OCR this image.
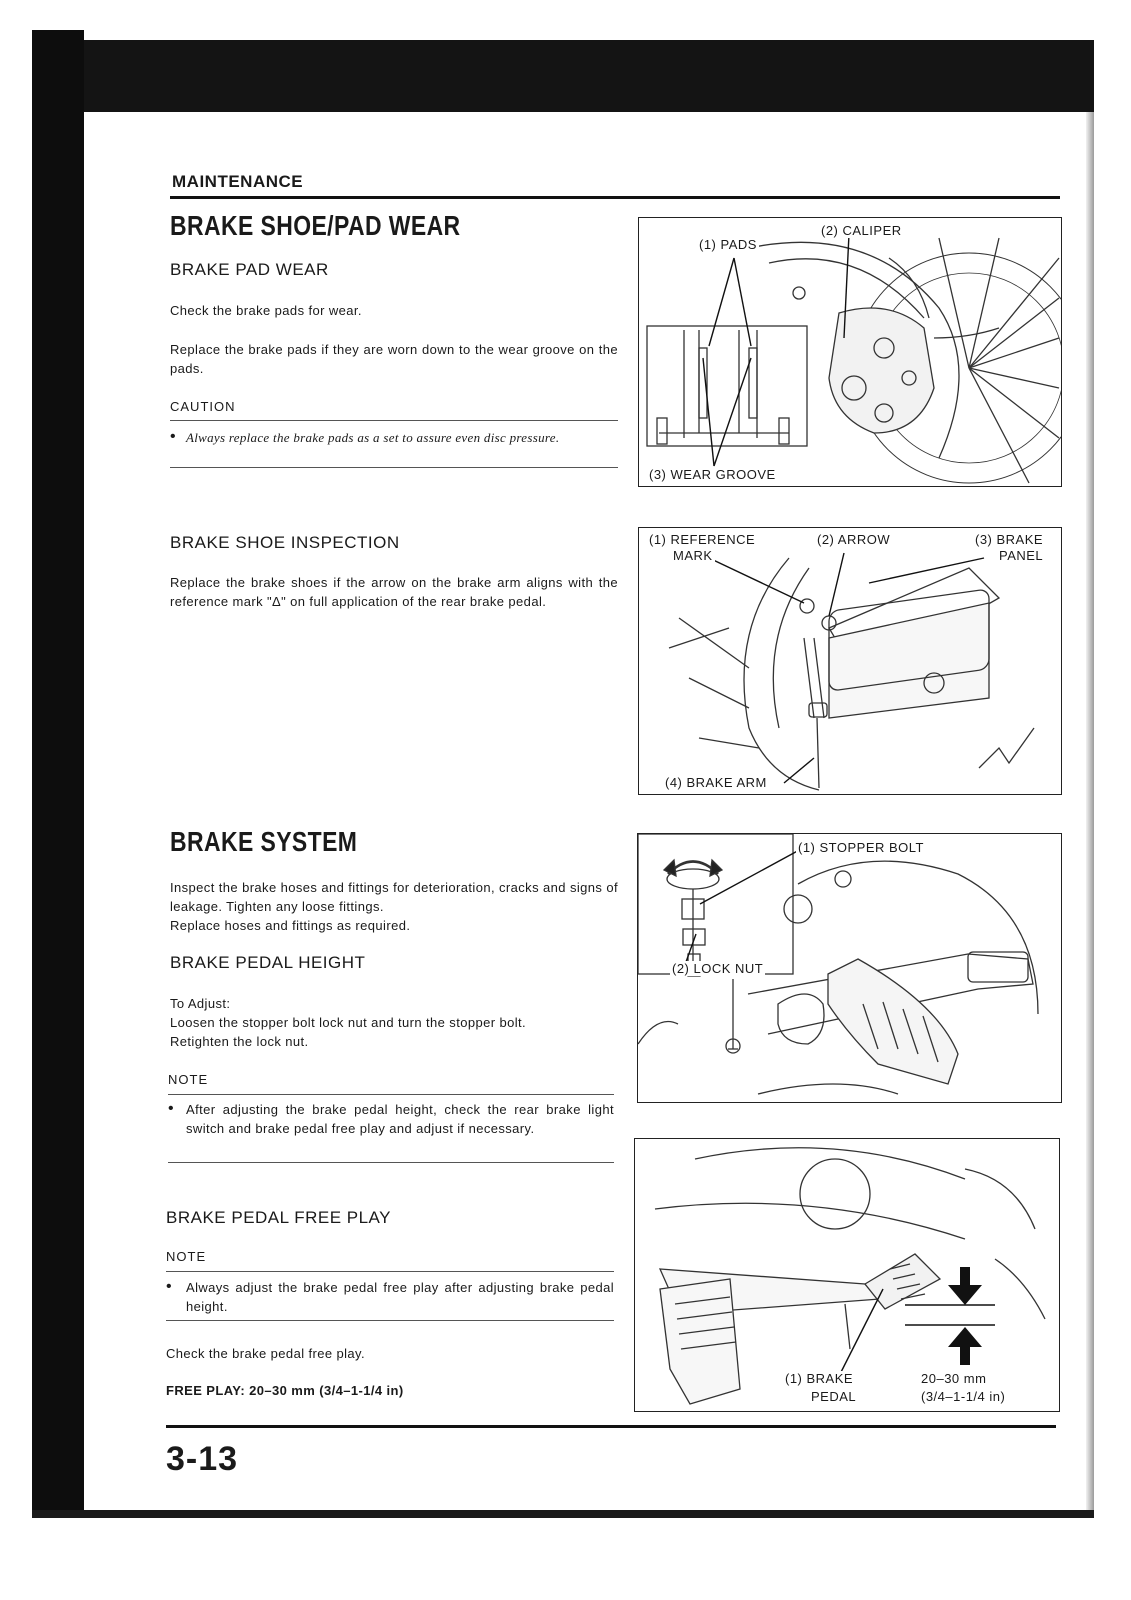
MAINTENANCE
BRAKE SHOE/PAD WEAR
BRAKE PAD WEAR
Check the brake pads for wear.
Replace the brake pads if they are worn down to the wear groove on the pads.
CAUTION
• Always replace the brake pads as a set to assure even disc pressure.
BRAKE SHOE INSPECTION
Replace the brake shoes if the arrow on the brake arm aligns with the reference mark "Δ" on full application of the rear brake pedal.
BRAKE SYSTEM
Inspect the brake hoses and fittings for deterioration, cracks and signs of leakage. Tighten any loose fittings.
Replace hoses and fittings as required.
BRAKE PEDAL HEIGHT
To Adjust:
Loosen the stopper bolt lock nut and turn the stopper bolt.
Retighten the lock nut.
NOTE
• After adjusting the brake pedal height, check the rear brake light switch and brake pedal free play and adjust if necessary.
BRAKE PEDAL FREE PLAY
NOTE
• Always adjust the brake pedal free play after adjusting brake pedal height.
Check the brake pedal free play.
FREE PLAY: 20–30 mm (3/4–1-1/4 in)
3-13
(1) PADS
(2) CALIPER
(3) WEAR GROOVE
(1) REFERENCE
MARK
(2) ARROW	(3) BRAKE
PANEL
(4) BRAKE ARM
(1) STOPPER BOLT
(2) LOCK NUT
(1) BRAKE
PEDAL
20–30 mm
(3/4–1-1/4 in)
